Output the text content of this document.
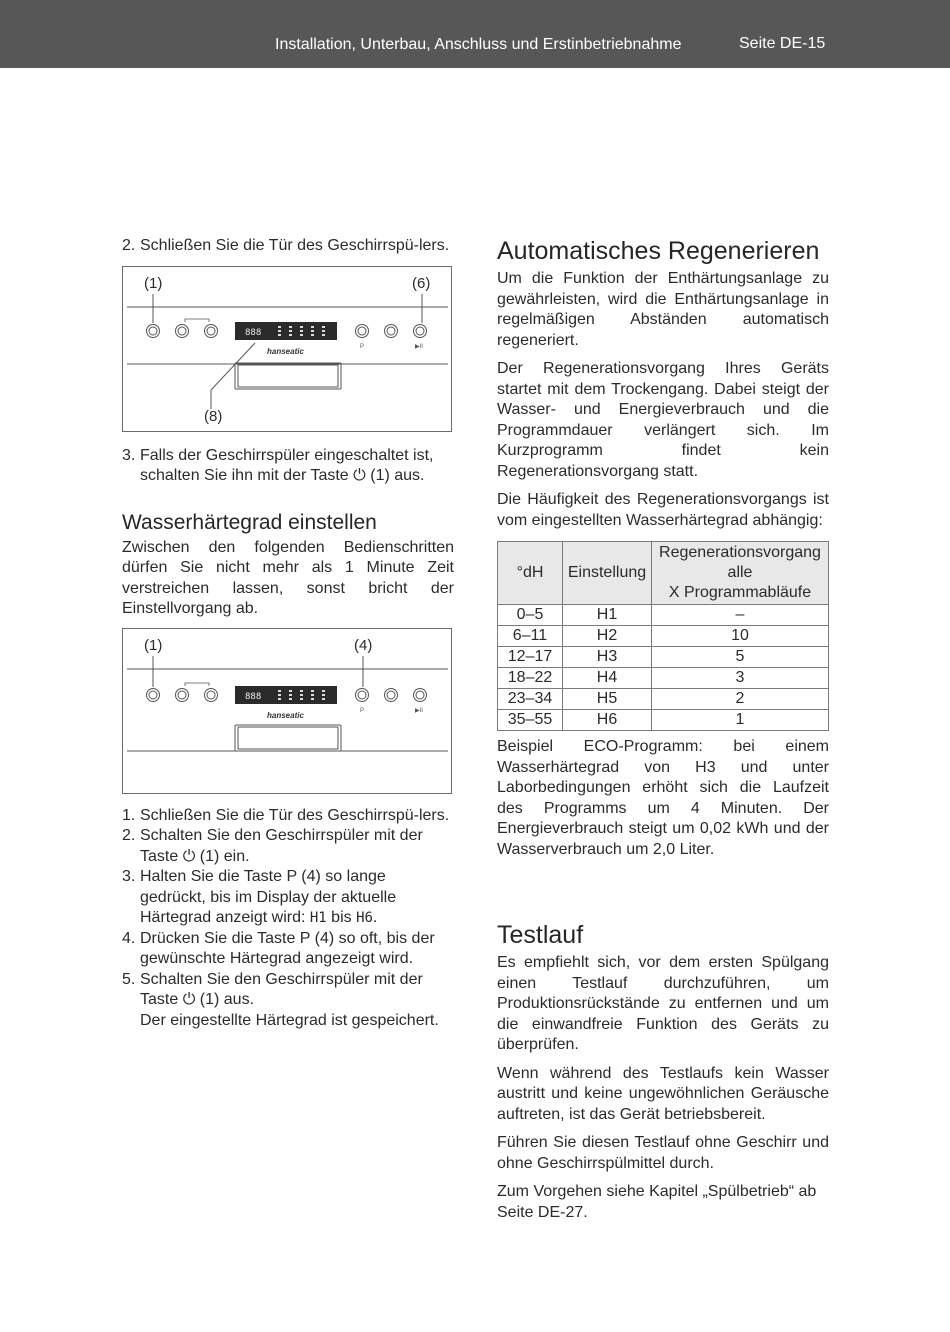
Installation, Unterbau, Anschluss und Erstinbetriebnahme	Seite DE-15
2. Schließen Sie die Tür des Geschirrspü-lers.
(1)	(6)
(8)
888
hanseatic	P	▶II
3. Falls der Geschirrspüler eingeschaltet ist, schalten Sie ihn mit der Taste ⏻ (1) aus.
Wasserhärtegrad einstellen

Zwischen den folgenden Bedienschritten dürfen Sie nicht mehr als 1 Minute Zeit verstreichen lassen, sonst bricht der Einstellvorgang ab.

(1)	(4)
888
hanseatic	P	▶II
1. Schließen Sie die Tür des Geschirrspü-lers.
2. Schalten Sie den Geschirrspüler mit der Taste ⏻ (1) ein.
3. Halten Sie die Taste P (4) so lange gedrückt, bis im Display der aktuelle Härtegrad anzeigt wird: H1 bis H6.
4. Drücken Sie die Taste P (4) so oft, bis der gewünschte Härtegrad angezeigt wird.
5. Schalten Sie den Geschirrspüler mit der Taste ⏻ (1) aus.
Der eingestellte Härtegrad ist gespeichert.
Automatisches Regenerieren

Um die Funktion der Enthärtungsanlage zu gewährleisten, wird die Enthärtungsanlage in regelmäßigen Abständen automatisch regeneriert.

Der Regenerationsvorgang Ihres Geräts startet mit dem Trockengang. Dabei steigt der Wasser- und Energieverbrauch und die Programmdauer verlängert sich. Im Kurzprogramm findet kein Regenerationsvorgang statt.

Die Häufigkeit des Regenerationsvorgangs ist vom eingestellten Wasserhärtegrad abhängig:

°dH	Einstellung	Regenerationsvorgang
alle
X Programmabläufe
0–5	H1	–
6–11	H2	10
12–17	H3	5
18–22	H4	3
23–34	H5	2
35–55	H6	1

Beispiel ECO-Programm: bei einem Wasserhärtegrad von H3 und unter Laborbedingungen erhöht sich die Laufzeit des Programms um 4 Minuten. Der Energieverbrauch steigt um 0,02 kWh und der Wasserverbrauch um 2,0 Liter.

Testlauf

Es empfiehlt sich, vor dem ersten Spülgang einen Testlauf durchzuführen, um Produktionsrückstände zu entfernen und um die einwandfreie Funktion des Geräts zu überprüfen.

Wenn während des Testlaufs kein Wasser austritt und keine ungewöhnlichen Geräusche auftreten, ist das Gerät betriebsbereit.

Führen Sie diesen Testlauf ohne Geschirr und ohne Geschirrspülmittel durch.

Zum Vorgehen siehe Kapitel „Spülbetrieb“ ab Seite DE-27.
